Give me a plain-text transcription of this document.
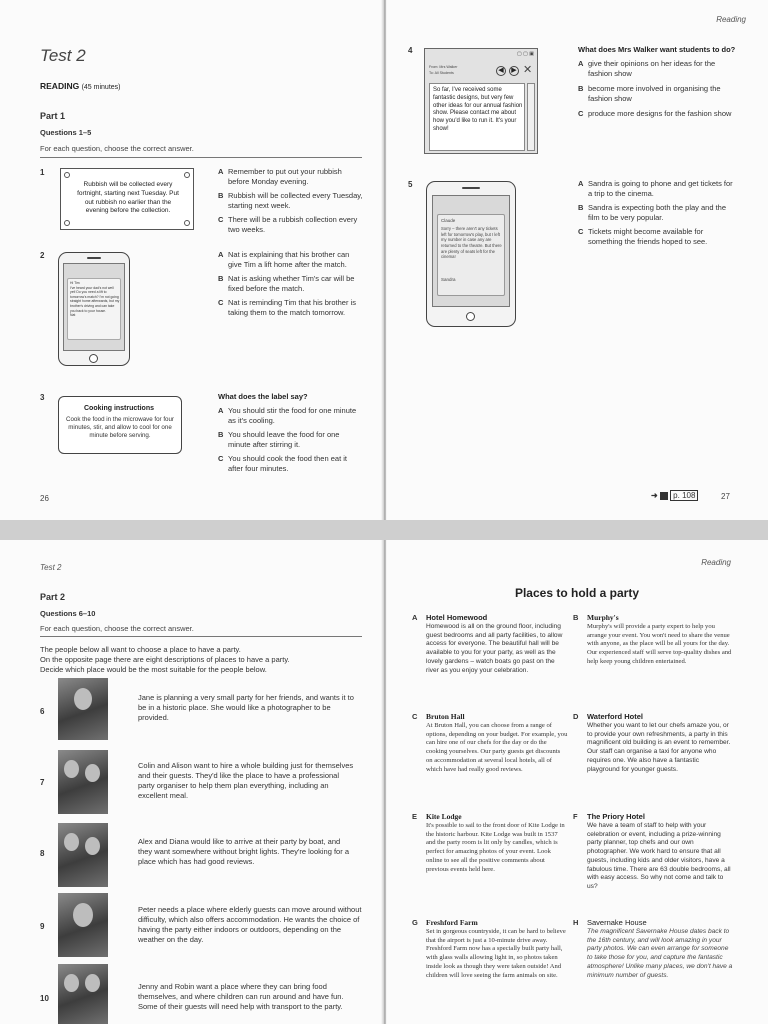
Test 2
READING (45 minutes)
Part 1
Questions 1–5
For each question, choose the correct answer.
1
Rubbish will be collected every fortnight, starting next Tuesday. Put out rubbish no earlier than the evening before the collection.
A Remember to put out your rubbish before Monday evening.
B Rubbish will be collected every Tuesday, starting next week.
C There will be a rubbish collection every two weeks.
2
Hi Tim
I've heard your dad's not well yet! Do you need a lift to tomorrow's match? I'm not going straight home afterwards, but my brother's driving and can take you back to your house.
Nat
A Nat is explaining that his brother can give Tim a lift home after the match.
B Nat is asking whether Tim's car will be fixed before the match.
C Nat is reminding Tim that his brother is taking them to the match tomorrow.
3
Cooking instructions
Cook the food in the microwave for four minutes, stir, and allow to cool for one minute before serving.
What does the label say?
A You should stir the food for one minute as it's cooling.
B You should leave the food for one minute after stirring it.
C You should cook the food then eat it after four minutes.
26
Reading
4	▢ ▢ ▣
From: Mrs Walker
To: All Students	◀	▶ ✕
So far, I've received some fantastic designs, but very few other ideas for our annual fashion show. Please contact me about how you'd like to run it. It's your show!
What does Mrs Walker want students to do?
A give their opinions on her ideas for the fashion show
B become more involved in organising the fashion show
C produce more designs for the fashion show
5
Claude
Sorry – there aren't any tickets left for tomorrow's play, but I left my number in case any are returned to the theatre. But there are plenty of seats left for the cinema!
Sandra
A Sandra is going to phone and get tickets for a trip to the cinema.
B Sandra is expecting both the play and the film to be very popular.
C Tickets might become available for something the friends hoped to see.
➜ p. 108	27
Test 2
Part 2
Questions 6–10
For each question, choose the correct answer.
The people below all want to choose a place to have a party.
On the opposite page there are eight descriptions of places to have a party.
Decide which place would be the most suitable for the people below.
6
Jane is planning a very small party for her friends, and wants it to be in a historic place. She would like a photographer to be provided.
7
Colin and Alison want to hire a whole building just for themselves and their guests. They'd like the place to have a professional party organiser to help them plan everything, including an excellent meal.
8
Alex and Diana would like to arrive at their party by boat, and they want somewhere without bright lights. They're looking for a place which has had good reviews.
9
Peter needs a place where elderly guests can move around without difficulty, which also offers accommodation. He wants the choice of having the party either indoors or outdoors, depending on the weather on the day.
10
Jenny and Robin want a place where they can bring food themselves, and where children can run around and have fun. Some of their guests will need help with transport to the party.
Reading
Places to hold a party
A Hotel Homewood
Homewood is all on the ground floor, including guest bedrooms and all party facilities, to allow access for everyone. The beautiful hall will be available to you for your party, as well as the lovely gardens – watch boats go past on the river as you enjoy your celebration.
B Murphy's
Murphy's will provide a party expert to help you arrange your event. You won't need to share the venue with anyone, as the place will be all yours for the day. Our experienced staff will serve top-quality dishes and help keep young children entertained.
C Bruton Hall
At Bruton Hall, you can choose from a range of options, depending on your budget. For example, you can hire one of our chefs for the day or do the cooking yourselves. Our party guests get discounts on accommodation at several local hotels, all of which have had really good reviews.
D Waterford Hotel
Whether you want to let our chefs amaze you, or to provide your own refreshments, a party in this magnificent old building is an event to remember. Our staff can organise a taxi for anyone who requires one. We also have a fantastic playground for younger guests.
E Kite Lodge
It's possible to sail to the front door of Kite Lodge in the historic harbour. Kite Lodge was built in 1537 and the party room is lit only by candles, which is perfect for amazing photos of your event. Look online to see all the positive comments about previous events held here.
F The Priory Hotel
We have a team of staff to help with your celebration or event, including a prize-winning party planner, top chefs and our own photographer. We work hard to ensure that all guests, including kids and older visitors, have a fabulous time. There are 63 double bedrooms, all with easy access. So why not come and talk to us?
G Freshford Farm
Set in gorgeous countryside, it can be hard to believe that the airport is just a 10-minute drive away. Freshford Farm now has a specially built party hall, with glass walls allowing light in, so photos taken inside look as though they were taken outside! And children will love seeing the farm animals on site.
H Savernake House
The magnificent Savernake House dates back to the 16th century, and will look amazing in your party photos. We can even arrange for someone to take those for you, and capture the fantastic atmosphere! Unlike many places, we don't have a minimum number of guests.
